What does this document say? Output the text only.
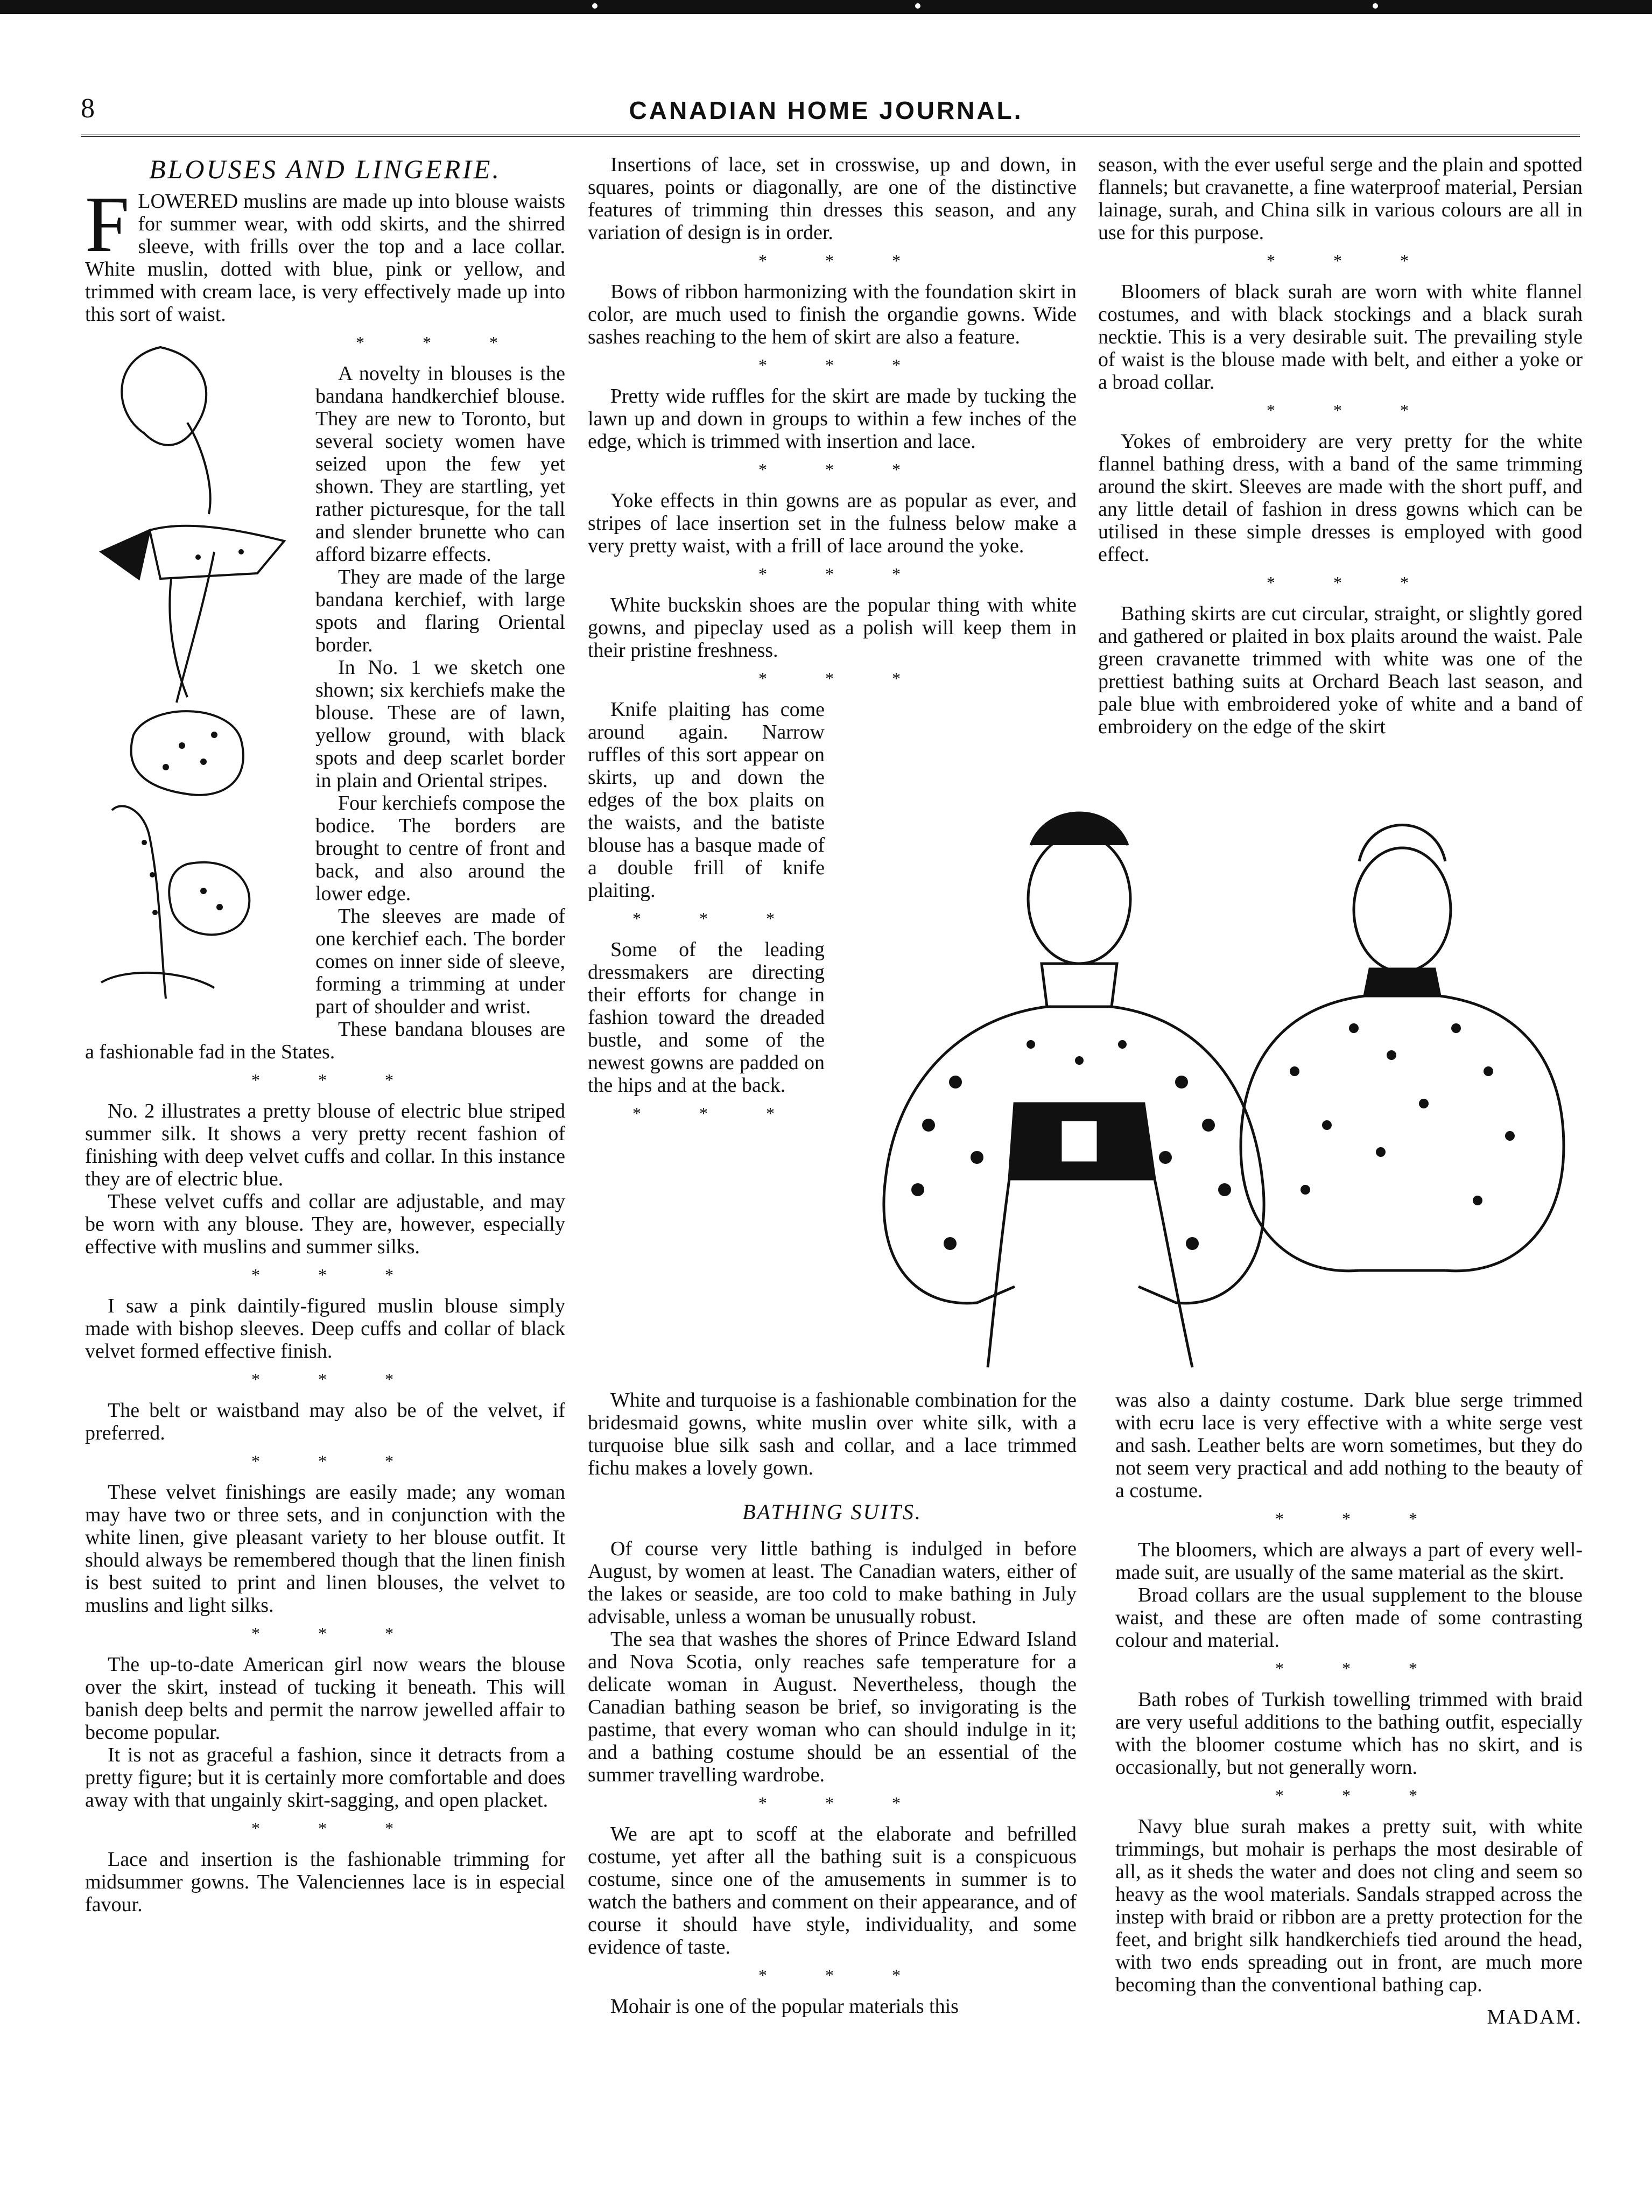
8	CANADIAN HOME JOURNAL.
BLOUSES AND LINGERIE.

FLOWERED muslins are made up into blouse waists for summer wear, with odd skirts, and the shirred sleeve, with frills over the top and a lace collar. White muslin, dotted with blue, pink or yellow, and trimmed with cream lace, is very effectively made up into this sort of waist.

* * *

A novelty in blouses is the bandana handkerchief blouse. They are new to Toronto, but several society women have seized upon the few yet shown. They are startling, yet rather picturesque, for the tall and slender brunette who can afford bizarre effects.

They are made of the large bandana kerchief, with large spots and flaring Oriental border.

In No. 1 we sketch one shown; six kerchiefs make the blouse. These are of lawn, yellow ground, with black spots and deep scarlet border in plain and Oriental stripes.

Four kerchiefs compose the bodice. The borders are brought to centre of front and back, and also around the lower edge.

The sleeves are made of one kerchief each. The border comes on inner side of sleeve, forming a trimming at under part of shoulder and wrist.

These bandana blouses are a fashionable fad in the States.

* * *

No. 2 illustrates a pretty blouse of electric blue striped summer silk. It shows a very pretty recent fashion of finishing with deep velvet cuffs and collar. In this instance they are of electric blue.

These velvet cuffs and collar are adjustable, and may be worn with any blouse. They are, however, especially effective with muslins and summer silks.

* * *

I saw a pink daintily-figured muslin blouse simply made with bishop sleeves. Deep cuffs and collar of black velvet formed effective finish.

* * *

The belt or waistband may also be of the velvet, if preferred.

* * *

These velvet finishings are easily made; any woman may have two or three sets, and in conjunction with the white linen, give pleasant variety to her blouse outfit. It should always be remembered though that the linen finish is best suited to print and linen blouses, the velvet to muslins and light silks.

* * *

The up-to-date American girl now wears the blouse over the skirt, instead of tucking it beneath. This will banish deep belts and permit the narrow jewelled affair to become popular.

It is not as graceful a fashion, since it detracts from a pretty figure; but it is certainly more comfortable and does away with that ungainly skirt-sagging, and open placket.

* * *

Lace and insertion is the fashionable trimming for midsummer gowns. The Valenciennes lace is in especial favour.

Insertions of lace, set in crosswise, up and down, in squares, points or diagonally, are one of the distinctive features of trimming thin dresses this season, and any variation of design is in order.

* * *

Bows of ribbon harmonizing with the foundation skirt in color, are much used to finish the organdie gowns. Wide sashes reaching to the hem of skirt are also a feature.

* * *

Pretty wide ruffles for the skirt are made by tucking the lawn up and down in groups to within a few inches of the edge, which is trimmed with insertion and lace.

* * *

Yoke effects in thin gowns are as popular as ever, and stripes of lace insertion set in the fulness below make a very pretty waist, with a frill of lace around the yoke.

* * *

White buckskin shoes are the popular thing with white gowns, and pipeclay used as a polish will keep them in their pristine freshness.

* * *

Knife plaiting has come around again. Narrow ruffles of this sort appear on skirts, up and down the edges of the box plaits on the waists, and the batiste blouse has a basque made of a double frill of knife plaiting.

* * *

Some of the leading dressmakers are directing their efforts for change in fashion toward the dreaded bustle, and some of the newest gowns are padded on the hips and at the back.

* * *

season, with the ever useful serge and the plain and spotted flannels; but cravanette, a fine waterproof material, Persian lainage, surah, and China silk in various colours are all in use for this purpose.

* * *

Bloomers of black surah are worn with white flannel costumes, and with black stockings and a black surah necktie. This is a very desirable suit. The prevailing style of waist is the blouse made with belt, and either a yoke or a broad collar.

* * *

Yokes of embroidery are very pretty for the white flannel bathing dress, with a band of the same trimming around the skirt. Sleeves are made with the short puff, and any little detail of fashion in dress gowns which can be utilised in these simple dresses is employed with good effect.

* * *

Bathing skirts are cut circular, straight, or slightly gored and gathered or plaited in box plaits around the waist. Pale green cravanette trimmed with white was one of the prettiest bathing suits at Orchard Beach last season, and pale blue with embroidered yoke of white and a band of embroidery on the edge of the skirt

White and turquoise is a fashionable combination for the bridesmaid gowns, white muslin over white silk, with a turquoise blue silk sash and collar, and a lace trimmed fichu makes a lovely gown.

BATHING SUITS.

Of course very little bathing is indulged in before August, by women at least. The Canadian waters, either of the lakes or seaside, are too cold to make bathing in July advisable, unless a woman be unusually robust.

The sea that washes the shores of Prince Edward Island and Nova Scotia, only reaches safe temperature for a delicate woman in August. Nevertheless, though the Canadian bathing season be brief, so invigorating is the pastime, that every woman who can should indulge in it; and a bathing costume should be an essential of the summer travelling wardrobe.

* * *

We are apt to scoff at the elaborate and befrilled costume, yet after all the bathing suit is a conspicuous costume, since one of the amusements in summer is to watch the bathers and comment on their appearance, and of course it should have style, individuality, and some evidence of taste.

* * *

Mohair is one of the popular materials this

was also a dainty costume. Dark blue serge trimmed with ecru lace is very effective with a white serge vest and sash. Leather belts are worn sometimes, but they do not seem very practical and add nothing to the beauty of a costume.

* * *

The bloomers, which are always a part of every well-made suit, are usually of the same material as the skirt.

Broad collars are the usual supplement to the blouse waist, and these are often made of some contrasting colour and material.

* * *

Bath robes of Turkish towelling trimmed with braid are very useful additions to the bathing outfit, especially with the bloomer costume which has no skirt, and is occasionally, but not generally worn.

* * *

Navy blue surah makes a pretty suit, with white trimmings, but mohair is perhaps the most desirable of all, as it sheds the water and does not cling and seem so heavy as the wool materials. Sandals strapped across the instep with braid or ribbon are a pretty protection for the feet, and bright silk handkerchiefs tied around the head, with two ends spreading out in front, are much more becoming than the conventional bathing cap.

MADAM.
